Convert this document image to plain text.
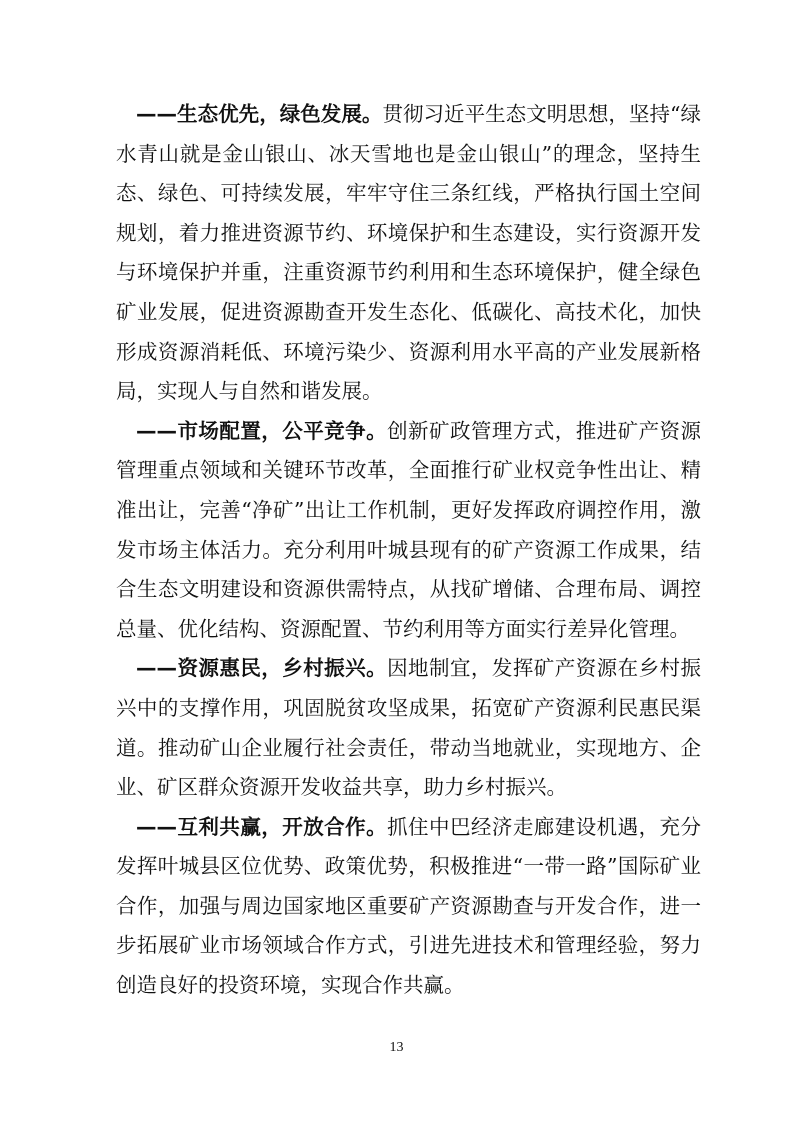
——生态优先，绿色发展。贯彻习近平生态文明思想，坚持“绿水青山就是金山银山、冰天雪地也是金山银山”的理念，坚持生态、绿色、可持续发展，牢牢守住三条红线，严格执行国土空间规划，着力推进资源节约、环境保护和生态建设，实行资源开发与环境保护并重，注重资源节约利用和生态环境保护，健全绿色矿业发展，促进资源勘查开发生态化、低碳化、高技术化，加快形成资源消耗低、环境污染少、资源利用水平高的产业发展新格局，实现人与自然和谐发展。

——市场配置，公平竞争。创新矿政管理方式，推进矿产资源管理重点领域和关键环节改革，全面推行矿业权竞争性出让、精准出让，完善“净矿”出让工作机制，更好发挥政府调控作用，激发市场主体活力。充分利用叶城县现有的矿产资源工作成果，结合生态文明建设和资源供需特点，从找矿增储、合理布局、调控总量、优化结构、资源配置、节约利用等方面实行差异化管理。

——资源惠民，乡村振兴。因地制宜，发挥矿产资源在乡村振兴中的支撑作用，巩固脱贫攻坚成果，拓宽矿产资源利民惠民渠道。推动矿山企业履行社会责任，带动当地就业，实现地方、企业、矿区群众资源开发收益共享，助力乡村振兴。

——互利共赢，开放合作。抓住中巴经济走廊建设机遇，充分发挥叶城县区位优势、政策优势，积极推进“一带一路”国际矿业合作，加强与周边国家地区重要矿产资源勘查与开发合作，进一步拓展矿业市场领域合作方式，引进先进技术和管理经验，努力创造良好的投资环境，实现合作共赢。

13
